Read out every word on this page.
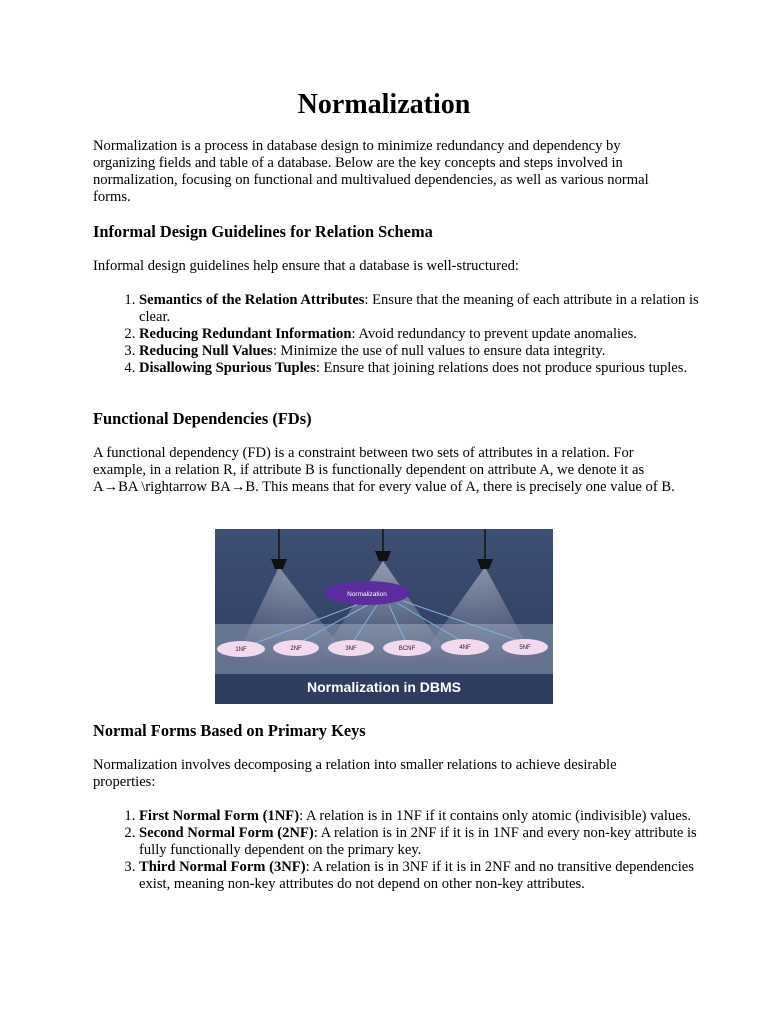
Normalization

Normalization is a process in database design to minimize redundancy and dependency by organizing fields and table of a database. Below are the key concepts and steps involved in normalization, focusing on functional and multivalued dependencies, as well as various normal forms.

Informal Design Guidelines for Relation Schema

Informal design guidelines help ensure that a database is well-structured:

1. Semantics of the Relation Attributes: Ensure that the meaning of each attribute in a relation is clear.
2. Reducing Redundant Information: Avoid redundancy to prevent update anomalies.
3. Reducing Null Values: Minimize the use of null values to ensure data integrity.
4. Disallowing Spurious Tuples: Ensure that joining relations does not produce spurious tuples.
Functional Dependencies (FDs)

A functional dependency (FD) is a constraint between two sets of attributes in a relation. For example, in a relation R, if attribute B is functionally dependent on attribute A, we denote it as A→BA \rightarrow BA→B. This means that for every value of A, there is precisely one value of B.

Normalization
1NF	2NF	3NF	BCNF	4NF	5NF
Normalization in DBMS
Normal Forms Based on Primary Keys

Normalization involves decomposing a relation into smaller relations to achieve desirable properties:

1. First Normal Form (1NF): A relation is in 1NF if it contains only atomic (indivisible) values.
2. Second Normal Form (2NF): A relation is in 2NF if it is in 1NF and every non-key attribute is fully functionally dependent on the primary key.
3. Third Normal Form (3NF): A relation is in 3NF if it is in 2NF and no transitive dependencies exist, meaning non-key attributes do not depend on other non-key attributes.
